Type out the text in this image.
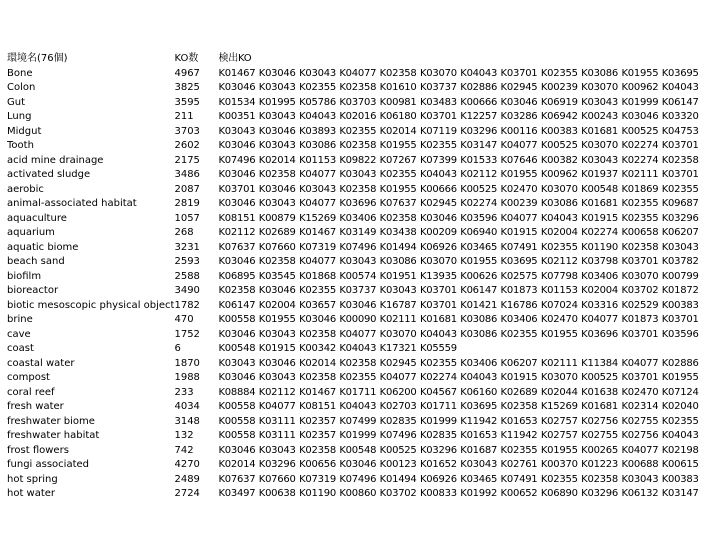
環境名(76個)	KO数	検出KO
Bone	4967	K01467 K03046 K03043 K04077 K02358 K03070 K04043 K03701 K02355 K03086 K01955 K03695
Colon	3825	K03046 K03043 K02355 K02358 K01610 K03737 K02886 K02945 K00239 K03070 K00962 K04043
Gut	3595	K01534 K01995 K05786 K03703 K00981 K03483 K00666 K03046 K06919 K03043 K01999 K06147
Lung	211	K00351 K03043 K04043 K02016 K06180 K03701 K12257 K03286 K06942 K00243 K03046 K03320
Midgut	3703	K03043 K03046 K03893 K02355 K02014 K07119 K03296 K00116 K00383 K01681 K00525 K04753
Tooth	2602	K03046 K03043 K03086 K02358 K01955 K02355 K03147 K04077 K00525 K03070 K02274 K03701
acid mine drainage	2175	K07496 K02014 K01153 K09822 K07267 K07399 K01533 K07646 K00382 K03043 K02274 K02358
activated sludge	3486	K03046 K02358 K04077 K03043 K02355 K04043 K02112 K01955 K00962 K01937 K02111 K03701
aerobic	2087	K03701 K03046 K03043 K02358 K01955 K00666 K00525 K02470 K03070 K00548 K01869 K02355
animal-associated habitat	2819	K03046 K03043 K04077 K03696 K07637 K02945 K02274 K00239 K03086 K01681 K02355 K09687
aquaculture	1057	K08151 K00879 K15269 K03406 K02358 K03046 K03596 K04077 K04043 K01915 K02355 K03296
aquarium	268	K02112 K02689 K01467 K03149 K03438 K00209 K06940 K01915 K02004 K02274 K00658 K06207
aquatic biome	3231	K07637 K07660 K07319 K07496 K01494 K06926 K03465 K07491 K02355 K01190 K02358 K03043
beach sand	2593	K03046 K02358 K04077 K03043 K03086 K03070 K01955 K03695 K02112 K03798 K03701 K03782
biofilm	2588	K06895 K03545 K01868 K00574 K01951 K13935 K00626 K02575 K07798 K03406 K03070 K00799
bioreactor	3490	K02358 K03046 K02355 K03737 K03043 K03701 K06147 K01873 K01153 K02004 K03702 K01872
biotic mesoscopic physical object	1782	K06147 K02004 K03657 K03046 K16787 K03701 K01421 K16786 K07024 K03316 K02529 K00383
brine	470	K00558 K01955 K03046 K00090 K02111 K01681 K03086 K03406 K02470 K04077 K01873 K03701
cave	1752	K03046 K03043 K02358 K04077 K03070 K04043 K03086 K02355 K01955 K03696 K03701 K03596
coast	6	K00548 K01915 K00342 K04043 K17321 K05559
coastal water	1870	K03043 K03046 K02014 K02358 K02945 K02355 K03406 K06207 K02111 K11384 K04077 K02886
compost	1988	K03046 K03043 K02358 K02355 K04077 K02274 K04043 K01915 K03070 K00525 K03701 K01955
coral reef	233	K08884 K02112 K01467 K01711 K06200 K04567 K06160 K02689 K02044 K01638 K02470 K07124
fresh water	4034	K00558 K04077 K08151 K04043 K02703 K01711 K03695 K02358 K15269 K01681 K02314 K02040
freshwater biome	3148	K00558 K03111 K02357 K07499 K02835 K01999 K11942 K01653 K02757 K02756 K02755 K02355
freshwater habitat	132	K00558 K03111 K02357 K01999 K07496 K02835 K01653 K11942 K02757 K02755 K02756 K04043
frost flowers	742	K03046 K03043 K02358 K00548 K00525 K03296 K01687 K02355 K01955 K00265 K04077 K02198
fungi associated	4270	K02014 K03296 K00656 K03046 K00123 K01652 K03043 K02761 K00370 K01223 K00688 K00615
hot spring	2489	K07637 K07660 K07319 K07496 K01494 K06926 K03465 K07491 K02355 K02358 K03043 K00383
hot water	2724	K03497 K00638 K01190 K00860 K03702 K00833 K01992 K00652 K06890 K03296 K06132 K03147
